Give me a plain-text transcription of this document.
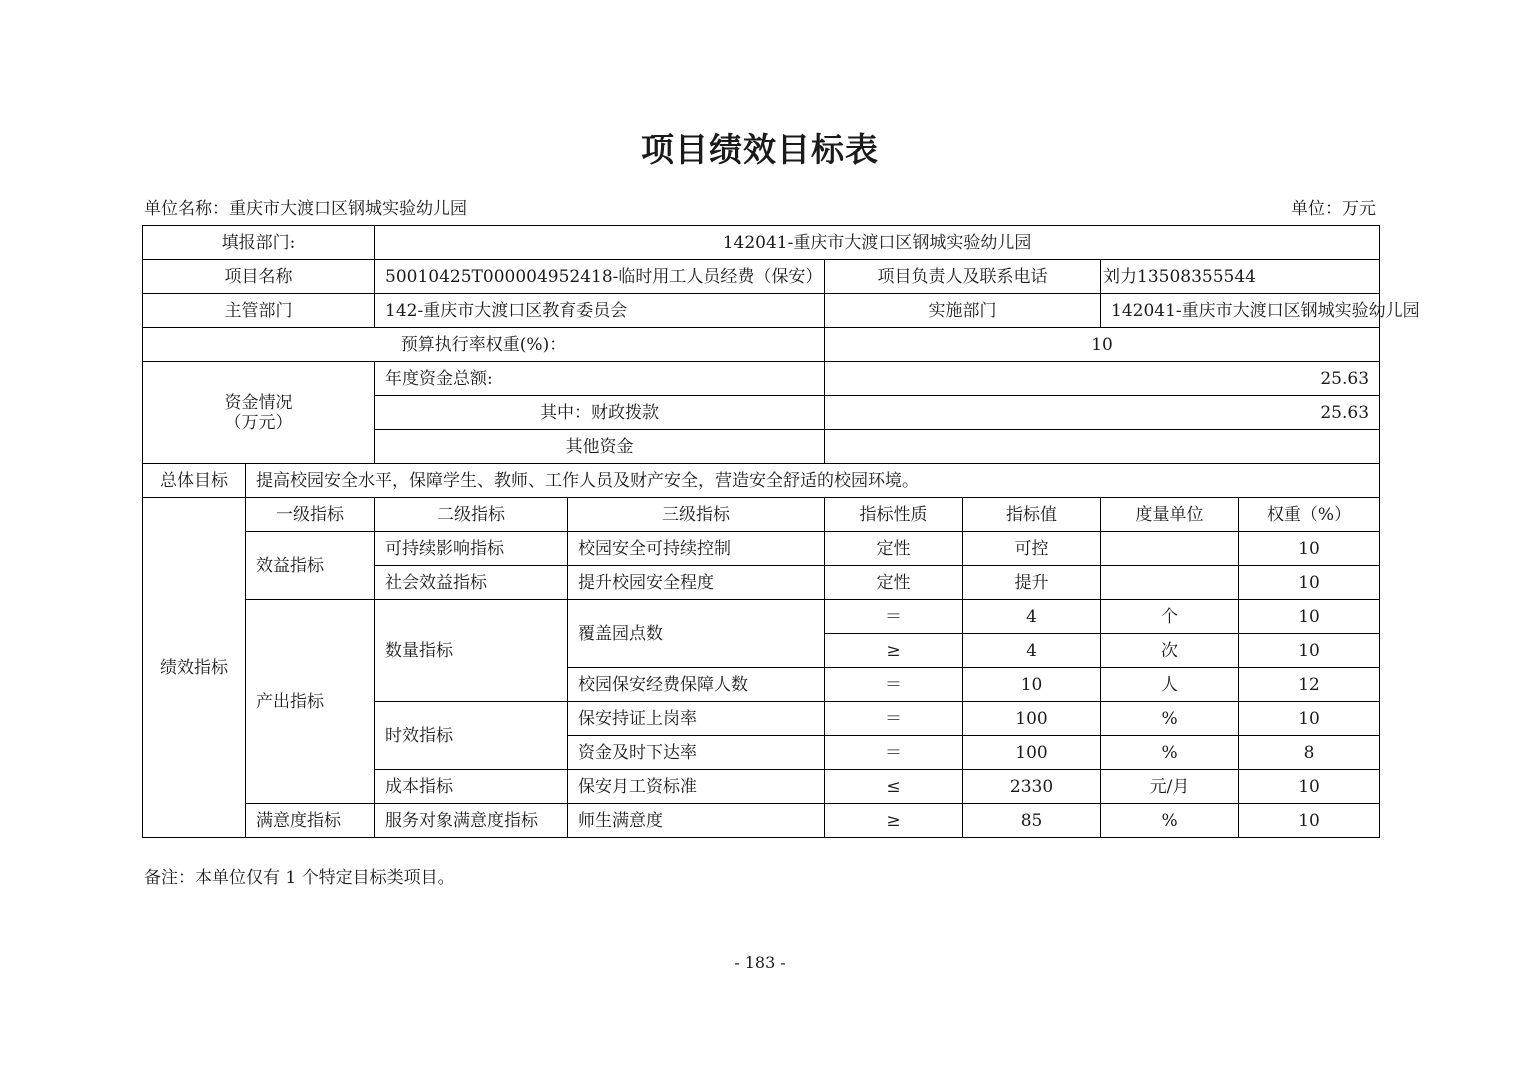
项目绩效目标表
单位名称：重庆市大渡口区钢城实验幼儿园	单位：万元
填报部门:		142041-重庆市大渡口区钢城实验幼儿园					
项目名称		50010425T000004952418-临时用工人员经费（保安）		项目负责人及联系电话		刘力13508355544	
主管部门		142-重庆市大渡口区教育委员会		实施部门		142041-重庆市大渡口区钢城实验幼儿园	
预算执行率权重(%)：				10			

资金情况
（万元）		年度资金总额:		25.63			
		其中：财政拨款		25.63			
		其他资金					
总体目标	提高校园安全水平，保障学生、教师、工作人员及财产安全，营造安全舒适的校园环境。						
绩效指标	一级指标	二级指标	三级指标	指标性质	指标值	度量单位	权重（%）
	效益指标	可持续影响指标	校园安全可持续控制	定性	可控		10
		社会效益指标	提升校园安全程度	定性	提升		10
	产出指标	数量指标	覆盖园点数	＝	4	个	10
				≥	4	次	10
			校园保安经费保障人数	＝	10	人	12
		时效指标	保安持证上岗率	＝	100	%	10
			资金及时下达率	＝	100	%	8
		成本指标	保安月工资标准	≤	2330	元/月	10
	满意度指标	服务对象满意度指标	师生满意度	≥	85	%	10
备注：本单位仅有 1 个特定目标类项目。
- 183 -
